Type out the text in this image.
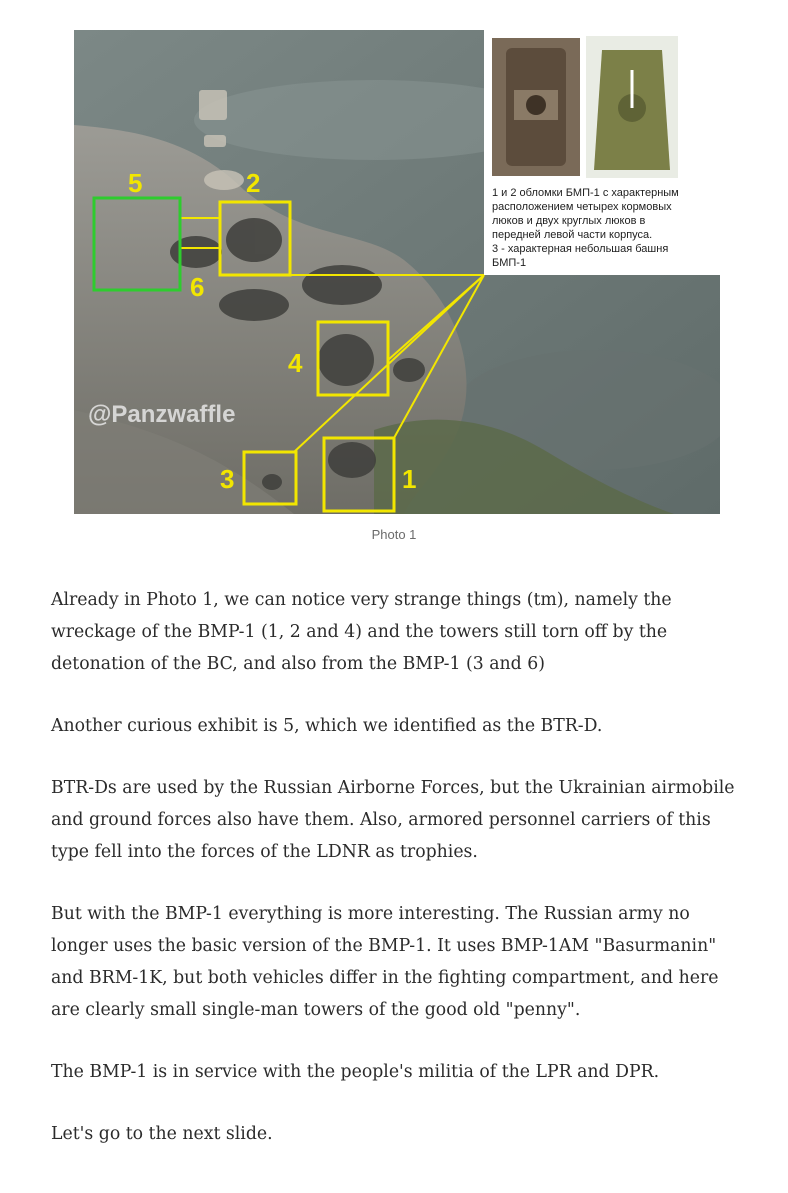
1
2
3
4
5
6
@Panzwaffle
1 и 2 обломки БМП-1 с характерным
расположением четырех кормовых
люков и двух круглых люков в
передней левой части корпуса.
3 - характерная небольшая башня
БМП-1
Photo 1

Already in Photo 1, we can notice very strange things (tm), namely the wreckage of the BMP-1 (1, 2 and 4) and the towers still torn off by the detonation of the BC, and also from the BMP-1 (3 and 6)

Another curious exhibit is 5, which we identified as the BTR-D.

BTR-Ds are used by the Russian Airborne Forces, but the Ukrainian airmobile and ground forces also have them. Also, armored personnel carriers of this type fell into the forces of the LDNR as trophies.

But with the BMP-1 everything is more interesting. The Russian army no longer uses the basic version of the BMP-1. It uses BMP-1AM "Basurmanin" and BRM-1K, but both vehicles differ in the fighting compartment, and here are clearly small single-man towers of the good old "penny".

The BMP-1 is in service with the people's militia of the LPR and DPR.

Let's go to the next slide.
